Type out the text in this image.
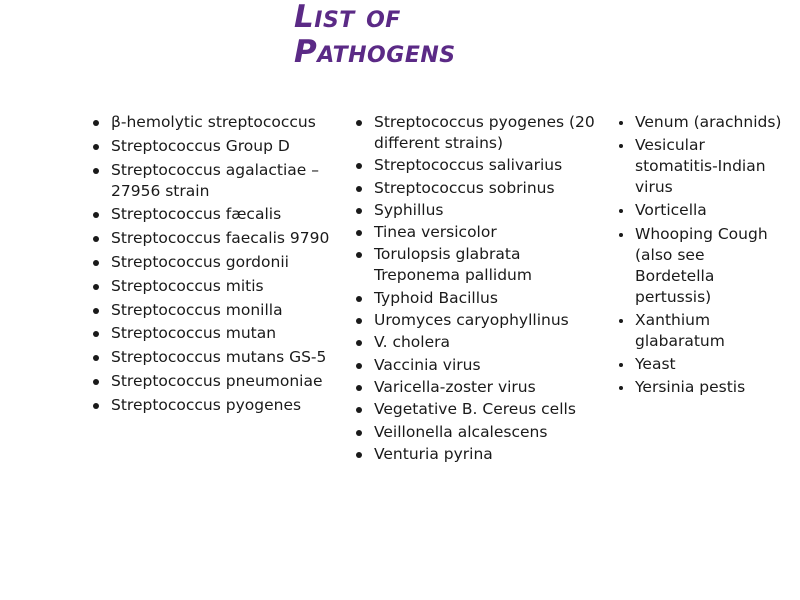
List of
Pathogens
β-hemolytic streptococcus
Streptococcus Group D
Streptococcus agalactiae – 27956 strain
Streptococcus fæcalis
Streptococcus faecalis 9790
Streptococcus gordonii
Streptococcus mitis
Streptococcus monilla
Streptococcus mutan
Streptococcus mutans GS-5
Streptococcus pneumoniae
Streptococcus pyogenes
Streptococcus pyogenes (20 different strains)
Streptococcus salivarius
Streptococcus sobrinus
Syphillus
Tinea versicolor
Torulopsis glabrata Treponema pallidum
Typhoid Bacillus
Uromyces caryophyllinus
V. cholera
Vaccinia virus
Varicella-zoster virus
Vegetative B. Cereus cells
Veillonella alcalescens
Venturia pyrina
Venum (arachnids)
Vesicular stomatitis-Indian virus
Vorticella
Whooping Cough (also see Bordetella pertussis)
Xanthium glabaratum
Yeast
Yersinia pestis
